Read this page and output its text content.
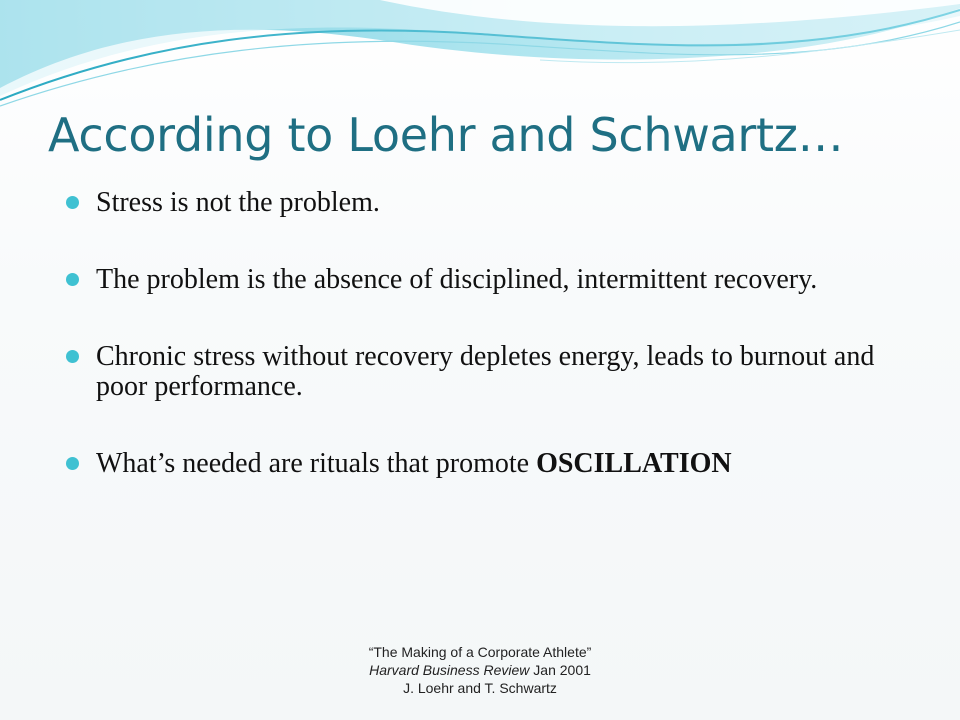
According to Loehr and Schwartz…
Stress is not the problem.
The problem is the absence of disciplined, intermittent recovery.
Chronic stress without recovery depletes energy, leads to burnout and poor performance.
What’s needed are rituals that promote OSCILLATION
“The Making of a Corporate Athlete”
Harvard Business Review Jan 2001
J. Loehr and T. Schwartz
